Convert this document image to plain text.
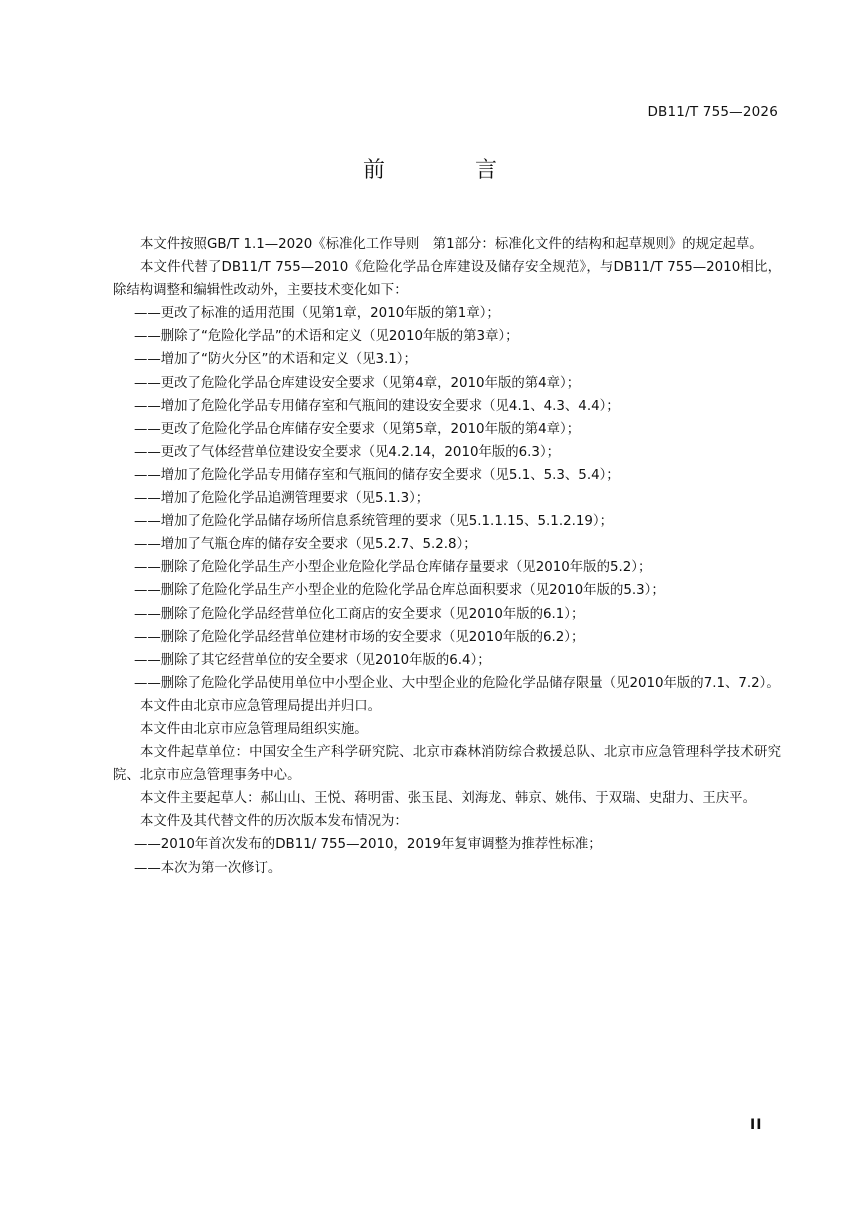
DB11/T 755—2026
前　言

本文件按照GB/T 1.1—2020《标准化工作导则　第1部分：标准化文件的结构和起草规则》的规定起草。

本文件代替了DB11/T 755—2010《危险化学品仓库建设及储存安全规范》，与DB11/T 755—2010相比，除结构调整和编辑性改动外，主要技术变化如下：

——更改了标准的适用范围（见第1章，2010年版的第1章）；

——删除了“危险化学品”的术语和定义（见2010年版的第3章）；

——增加了“防火分区”的术语和定义（见3.1）；

——更改了危险化学品仓库建设安全要求（见第4章，2010年版的第4章）；

——增加了危险化学品专用储存室和气瓶间的建设安全要求（见4.1、4.3、4.4）；

——更改了危险化学品仓库储存安全要求（见第5章，2010年版的第4章）；

——更改了气体经营单位建设安全要求（见4.2.14，2010年版的6.3）；

——增加了危险化学品专用储存室和气瓶间的储存安全要求（见5.1、5.3、5.4）；

——增加了危险化学品追溯管理要求（见5.1.3）；

——增加了危险化学品储存场所信息系统管理的要求（见5.1.1.15、5.1.2.19）；

——增加了气瓶仓库的储存安全要求（见5.2.7、5.2.8）；

——删除了危险化学品生产小型企业危险化学品仓库储存量要求（见2010年版的5.2）；

——删除了危险化学品生产小型企业的危险化学品仓库总面积要求（见2010年版的5.3）；

——删除了危险化学品经营单位化工商店的安全要求（见2010年版的6.1）；

——删除了危险化学品经营单位建材市场的安全要求（见2010年版的6.2）；

——删除了其它经营单位的安全要求（见2010年版的6.4）；

——删除了危险化学品使用单位中小型企业、大中型企业的危险化学品储存限量（见2010年版的7.1、7.2）。

本文件由北京市应急管理局提出并归口。

本文件由北京市应急管理局组织实施。

本文件起草单位：中国安全生产科学研究院、北京市森林消防综合救援总队、北京市应急管理科学技术研究院、北京市应急管理事务中心。

本文件主要起草人：郝山山、王悦、蒋明雷、张玉昆、刘海龙、韩京、姚伟、于双瑞、史甜力、王庆平。

本文件及其代替文件的历次版本发布情况为：

——2010年首次发布的DB11/ 755—2010，2019年复审调整为推荐性标准；

——本次为第一次修订。

II
